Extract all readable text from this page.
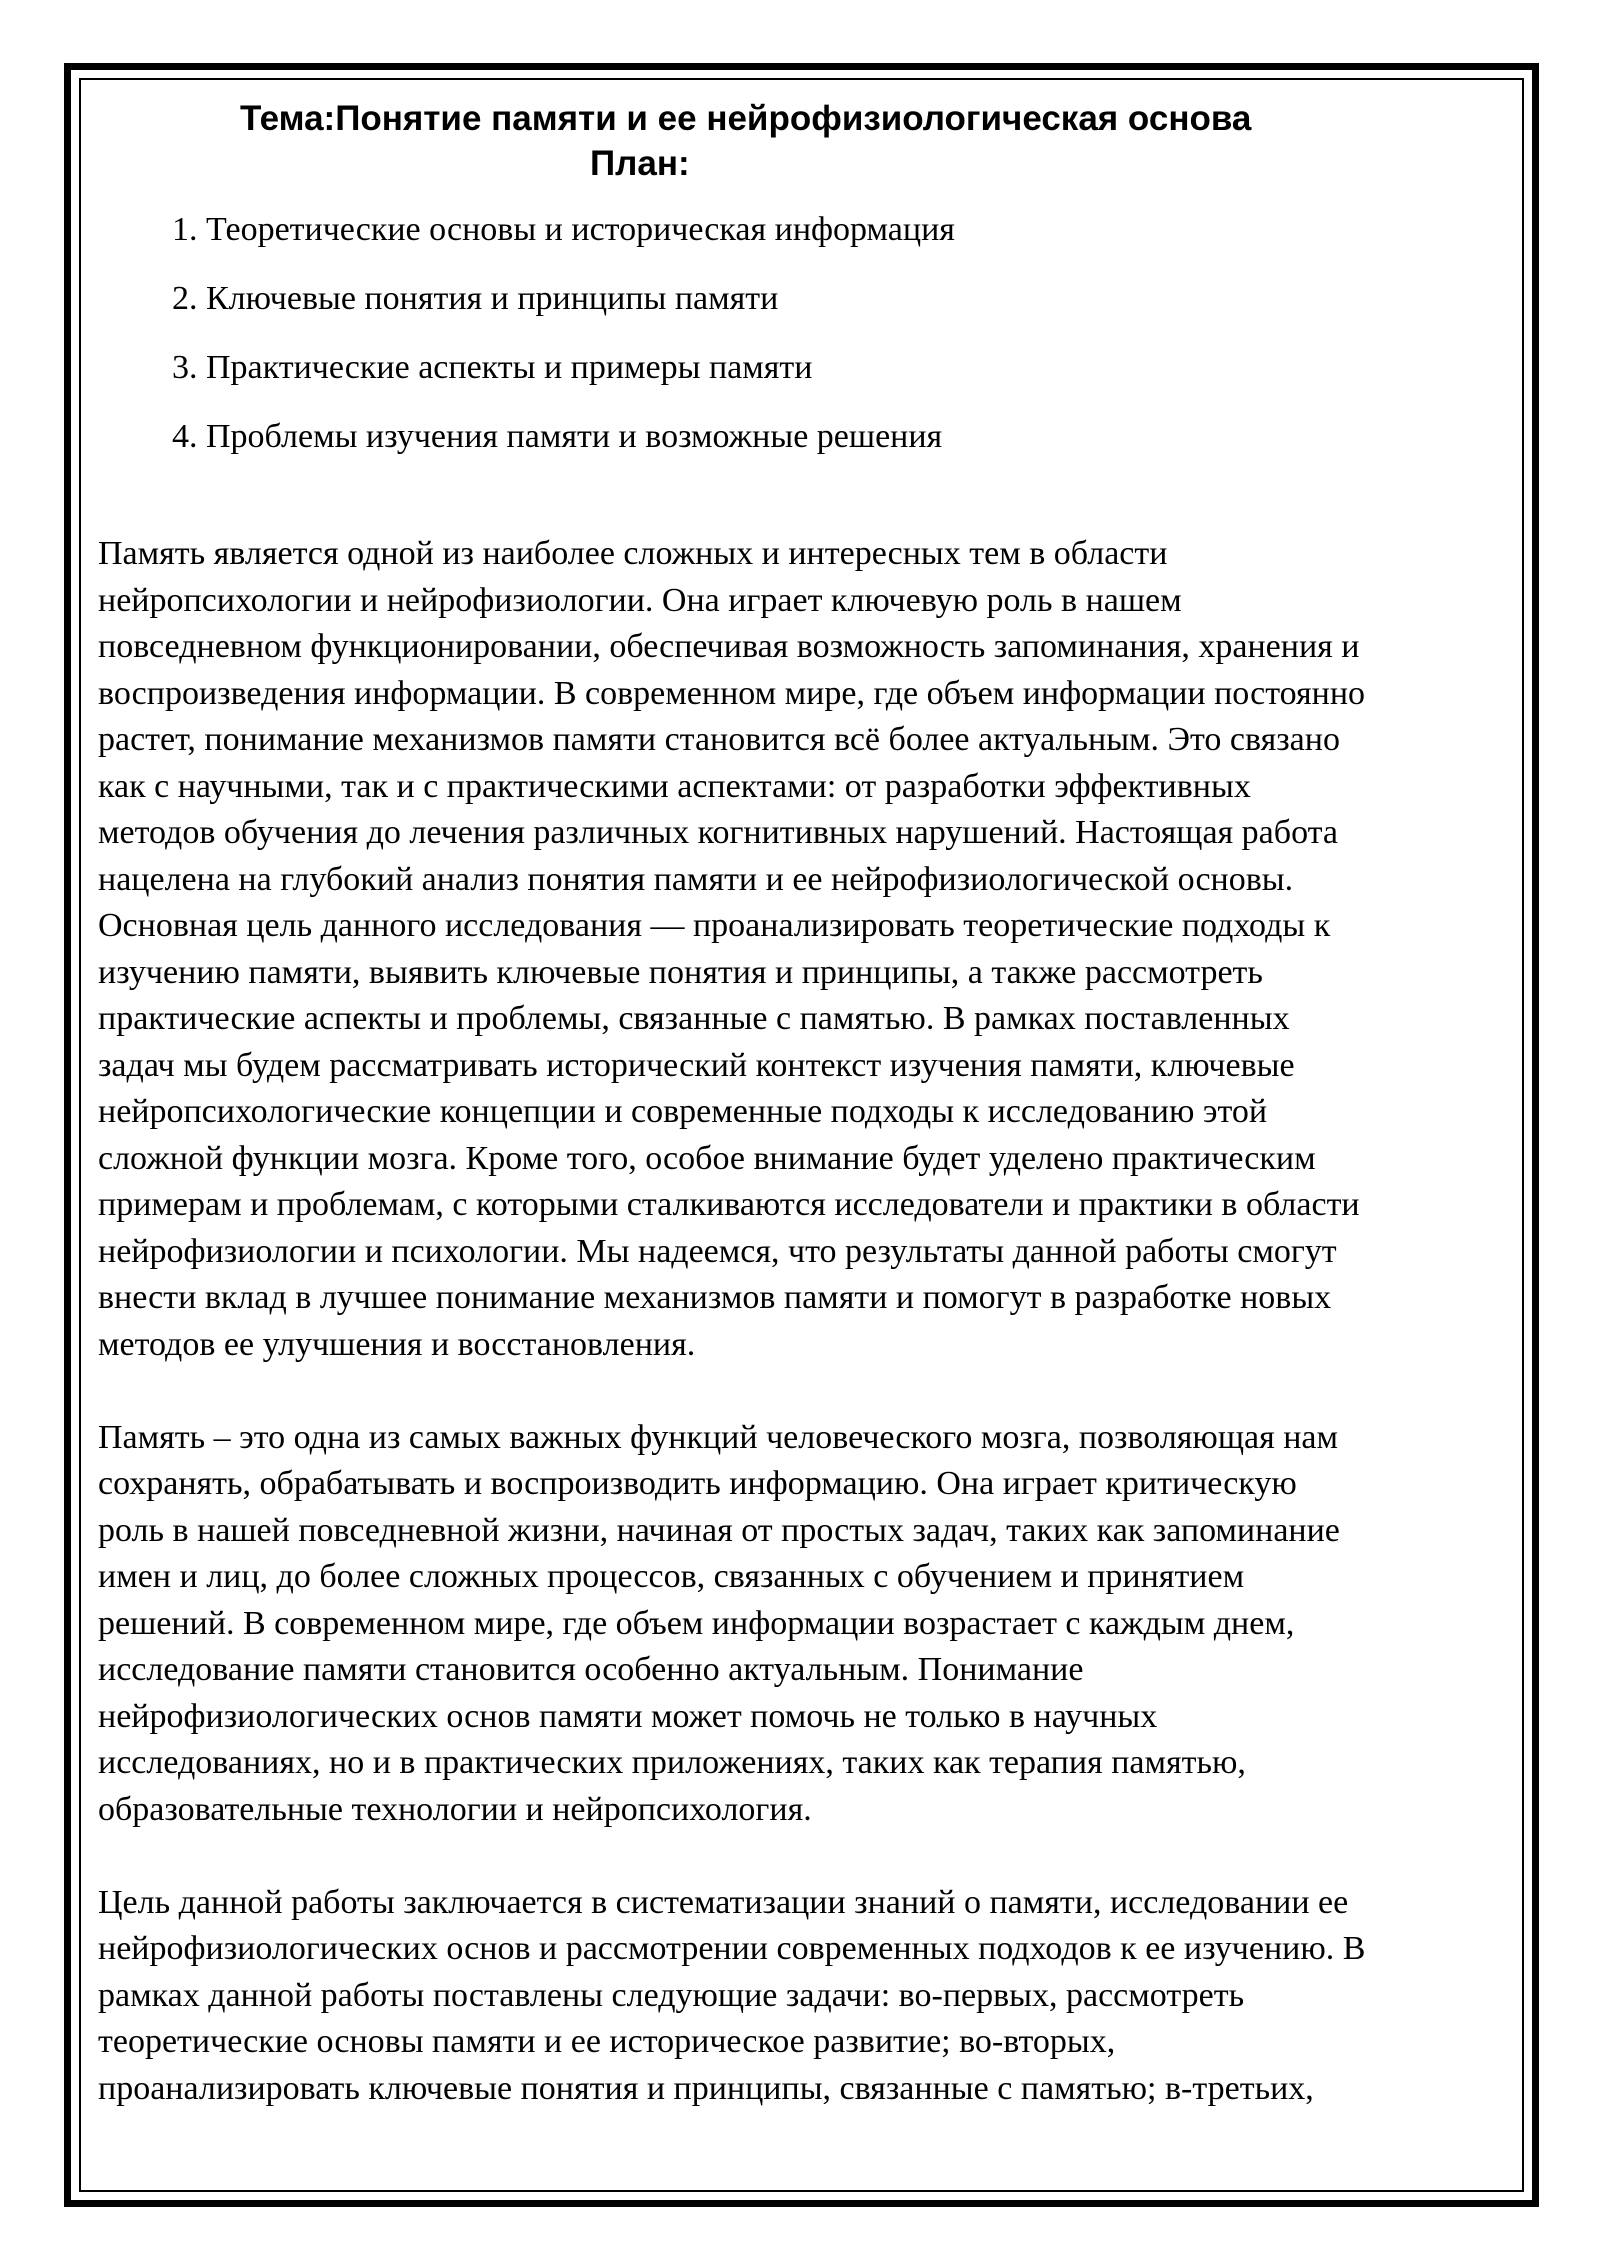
Тема:Понятие памяти и ее нейрофизиологическая основа
План:
1. Теоретические основы и историческая информация
2. Ключевые понятия и принципы памяти
3. Практические аспекты и примеры памяти
4. Проблемы изучения памяти и возможные решения

Память является одной из наиболее сложных и интересных тем в области
нейропсихологии и нейрофизиологии. Она играет ключевую роль в нашем
повседневном функционировании, обеспечивая возможность запоминания, хранения и
воспроизведения информации. В современном мире, где объем информации постоянно
растет, понимание механизмов памяти становится всё более актуальным. Это связано
как с научными, так и с практическими аспектами: от разработки эффективных
методов обучения до лечения различных когнитивных нарушений. Настоящая работа
нацелена на глубокий анализ понятия памяти и ее нейрофизиологической основы.
Основная цель данного исследования — проанализировать теоретические подходы к
изучению памяти, выявить ключевые понятия и принципы, а также рассмотреть
практические аспекты и проблемы, связанные с памятью. В рамках поставленных
задач мы будем рассматривать исторический контекст изучения памяти, ключевые
нейропсихологические концепции и современные подходы к исследованию этой
сложной функции мозга. Кроме того, особое внимание будет уделено практическим
примерам и проблемам, с которыми сталкиваются исследователи и практики в области
нейрофизиологии и психологии. Мы надеемся, что результаты данной работы смогут
внести вклад в лучшее понимание механизмов памяти и помогут в разработке новых
методов ее улучшения и восстановления.

Память – это одна из самых важных функций человеческого мозга, позволяющая нам
сохранять, обрабатывать и воспроизводить информацию. Она играет критическую
роль в нашей повседневной жизни, начиная от простых задач, таких как запоминание
имен и лиц, до более сложных процессов, связанных с обучением и принятием
решений. В современном мире, где объем информации возрастает с каждым днем,
исследование памяти становится особенно актуальным. Понимание
нейрофизиологических основ памяти может помочь не только в научных
исследованиях, но и в практических приложениях, таких как терапия памятью,
образовательные технологии и нейропсихология.

Цель данной работы заключается в систематизации знаний о памяти, исследовании ее
нейрофизиологических основ и рассмотрении современных подходов к ее изучению. В
рамках данной работы поставлены следующие задачи: во-первых, рассмотреть
теоретические основы памяти и ее историческое развитие; во-вторых,
проанализировать ключевые понятия и принципы, связанные с памятью; в-третьих,
